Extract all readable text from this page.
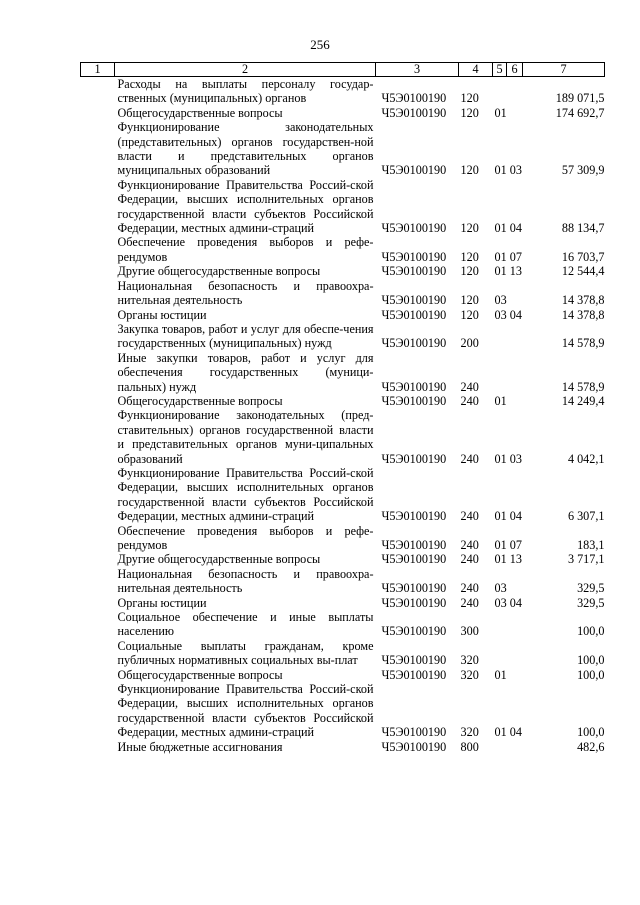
256
1	2	3	4	5	6	7
	Расходы на выплаты персоналу государ-ственных (муниципальных) органов	Ч5Э0100190	120			189 071,5
	Общегосударственные вопросы	Ч5Э0100190	120	01		174 692,7
	Функционирование законодательных (представительных) органов государствен-ной власти и представительных органов муниципальных образований	Ч5Э0100190	120	01 03		57 309,9
	Функционирование Правительства Россий-ской Федерации, высших исполнительных органов государственной власти субъектов Российской Федерации, местных админи-страций	Ч5Э0100190	120	01 04		88 134,7
	Обеспечение проведения выборов и рефе-рендумов	Ч5Э0100190	120	01 07		16 703,7
	Другие общегосударственные вопросы	Ч5Э0100190	120	01 13		12 544,4
	Национальная безопасность и правоохра-нительная деятельность	Ч5Э0100190	120	03		14 378,8
	Органы юстиции	Ч5Э0100190	120	03 04		14 378,8
	Закупка товаров, работ и услуг для обеспе-чения государственных (муниципальных) нужд	Ч5Э0100190	200			14 578,9
	Иные закупки товаров, работ и услуг для обеспечения государственных (муници-пальных) нужд	Ч5Э0100190	240			14 578,9
	Общегосударственные вопросы	Ч5Э0100190	240	01		14 249,4
	Функционирование законодательных (пред-ставительных) органов государственной власти и представительных органов муни-ципальных образований	Ч5Э0100190	240	01 03		4 042,1
	Функционирование Правительства Россий-ской Федерации, высших исполнительных органов государственной власти субъектов Российской Федерации, местных админи-страций	Ч5Э0100190	240	01 04		6 307,1
	Обеспечение проведения выборов и рефе-рендумов	Ч5Э0100190	240	01 07		183,1
	Другие общегосударственные вопросы	Ч5Э0100190	240	01 13		3 717,1
	Национальная безопасность и правоохра-нительная деятельность	Ч5Э0100190	240	03		329,5
	Органы юстиции	Ч5Э0100190	240	03 04		329,5
	Социальное обеспечение и иные выплаты населению	Ч5Э0100190	300			100,0
	Социальные выплаты гражданам, кроме публичных нормативных социальных вы-плат	Ч5Э0100190	320			100,0
	Общегосударственные вопросы	Ч5Э0100190	320	01		100,0
	Функционирование Правительства Россий-ской Федерации, высших исполнительных органов государственной власти субъектов Российской Федерации, местных админи-страций	Ч5Э0100190	320	01 04		100,0
	Иные бюджетные ассигнования	Ч5Э0100190	800			482,6
